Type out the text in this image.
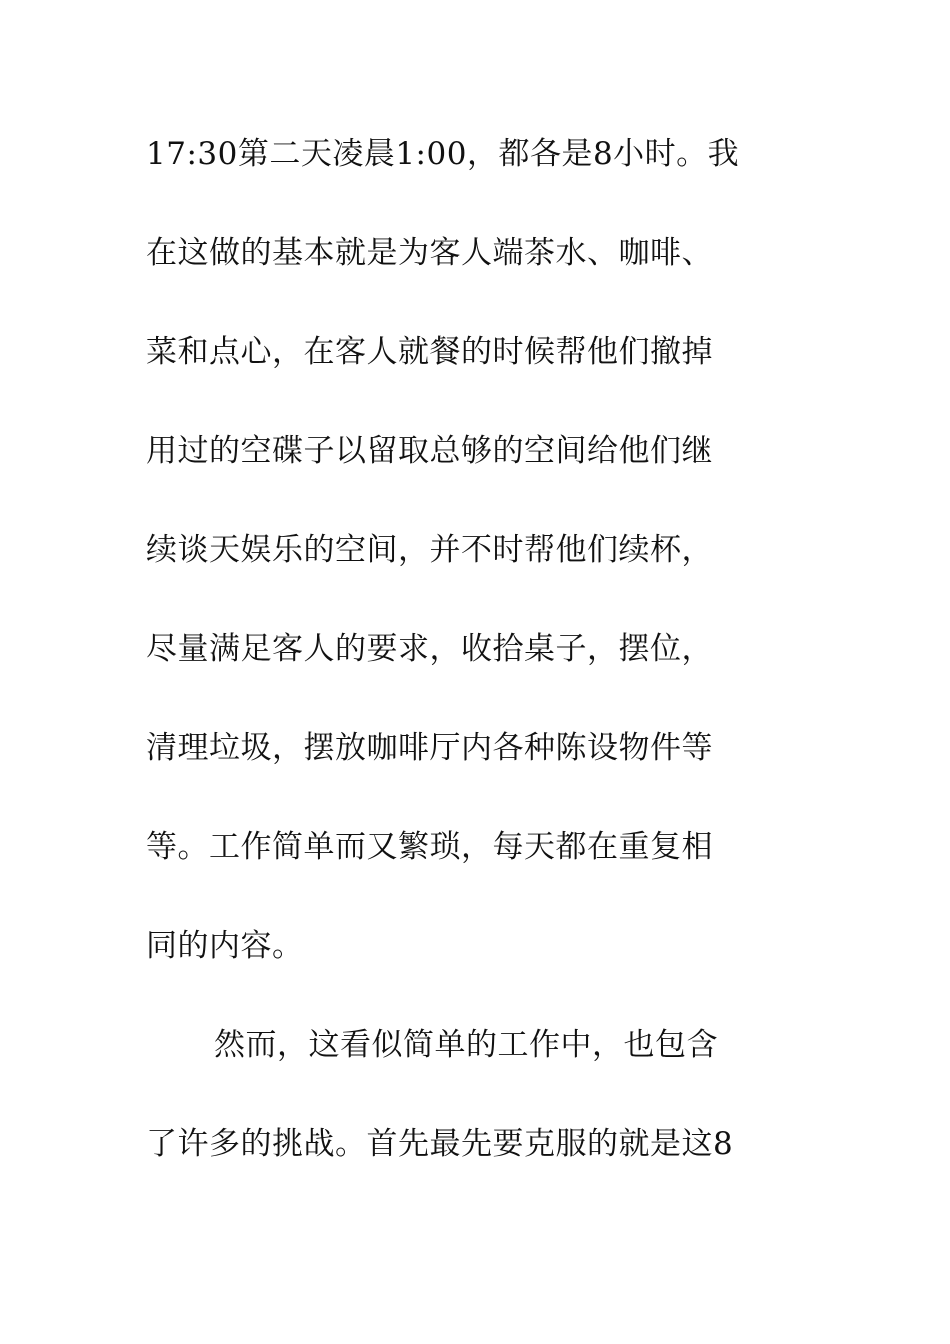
17:30第二天凌晨1:00，都各是8小时。我
在这做的基本就是为客人端茶水、咖啡、
菜和点心，在客人就餐的时候帮他们撤掉
用过的空碟子以留取总够的空间给他们继
续谈天娱乐的空间，并不时帮他们续杯，
尽量满足客人的要求，收拾桌子，摆位，
清理垃圾，摆放咖啡厅内各种陈设物件等
等。工作简单而又繁琐，每天都在重复相
同的内容。
然而，这看似简单的工作中，也包含
了许多的挑战。首先最先要克服的就是这8
